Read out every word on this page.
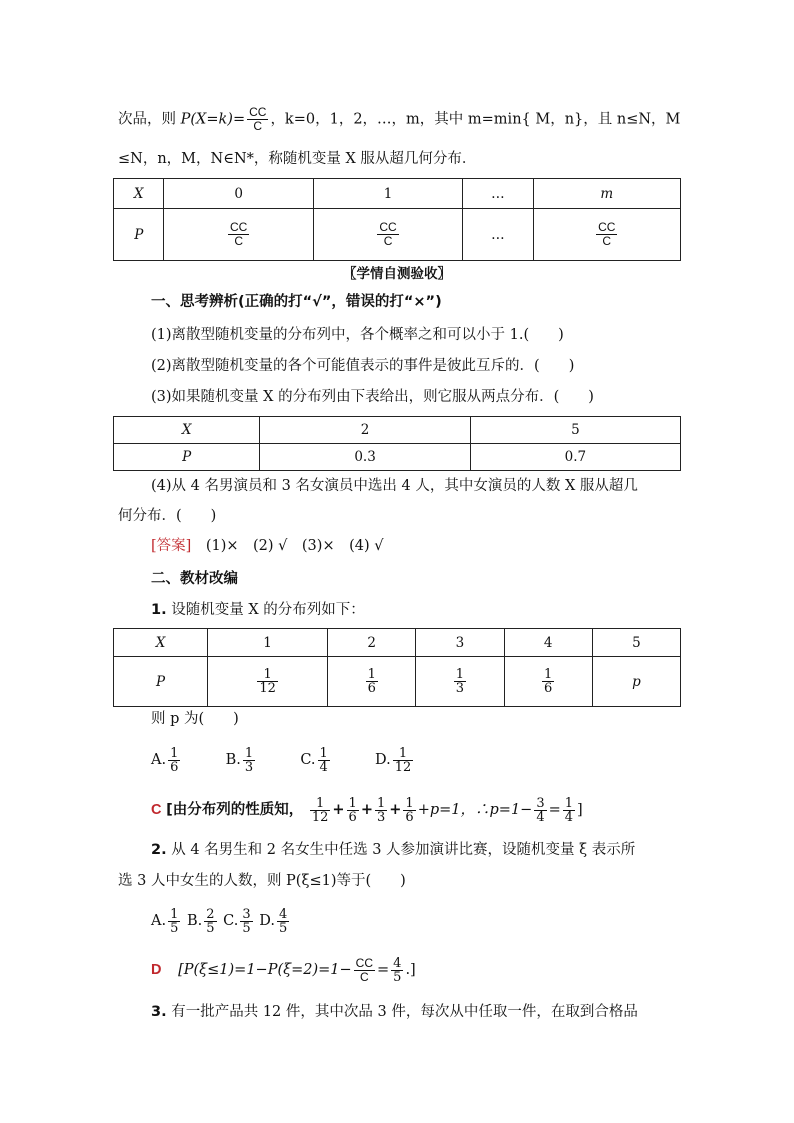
次品，则 $P(X=k)= \frac{CC}{C}$ ，k=0，1，2，…，m，其中 m=min{ M，n}，且 n≤N，M
≤N，n，M，N∈N*，称随机变量 X 服从超几何分布．
X	0	1	…	m
P	$\frac{CC}{C}$	$\frac{CC}{C}$	…	$\frac{CC}{C}$
〖学情自测验收〗
一、思考辨析(正确的打“√”，错误的打“×”)
(1)离散型随机变量的分布列中，各个概率之和可以小于 1.(　　)
(2)离散型随机变量的各个可能值表示的事件是彼此互斥的．(　　)
(3)如果随机变量 X 的分布列由下表给出，则它服从两点分布．(　　)
X	2	5
P	0.3	0.7
(4)从 4 名男演员和 3 名女演员中选出 4 人，其中女演员的人数 X 服从超几
何分布．(　　)
[答案]　(1)×　(2) √　(3)×　(4) √
二、教材改编
1. 设随机变量 X 的分布列如下：
X	1	2	3	4	5
P	$\frac{1}{12}$	$\frac{1}{6}$	$\frac{1}{3}$	$\frac{1}{6}$	p
则 p 为(　　)
A. $\frac{1}{6}$	B. $\frac{1}{3}$	C. $\frac{1}{4}$	D. $\frac{1}{12}$
C [由分布列的性质知， $\frac{1}{12} + \frac{1}{6} + \frac{1}{3} + \frac{1}{6} +p=1$，∴p=1− $\frac{3}{4} = \frac{1}{4}$ ]
2. 从 4 名男生和 2 名女生中任选 3 人参加演讲比赛，设随机变量 ξ 表示所
选 3 人中女生的人数，则 P(ξ≤1)等于(　　)
A. $\frac{1}{5} B$. $\frac{2}{5} C$. $\frac{3}{5} D$. $\frac{4}{5}$
D [$P(\xi\le 1)=1-P(\xi=2)=1- \frac{CC}{C} = \frac{4}{5}$ .]
3. 有一批产品共 12 件，其中次品 3 件，每次从中任取一件，在取到合格品
